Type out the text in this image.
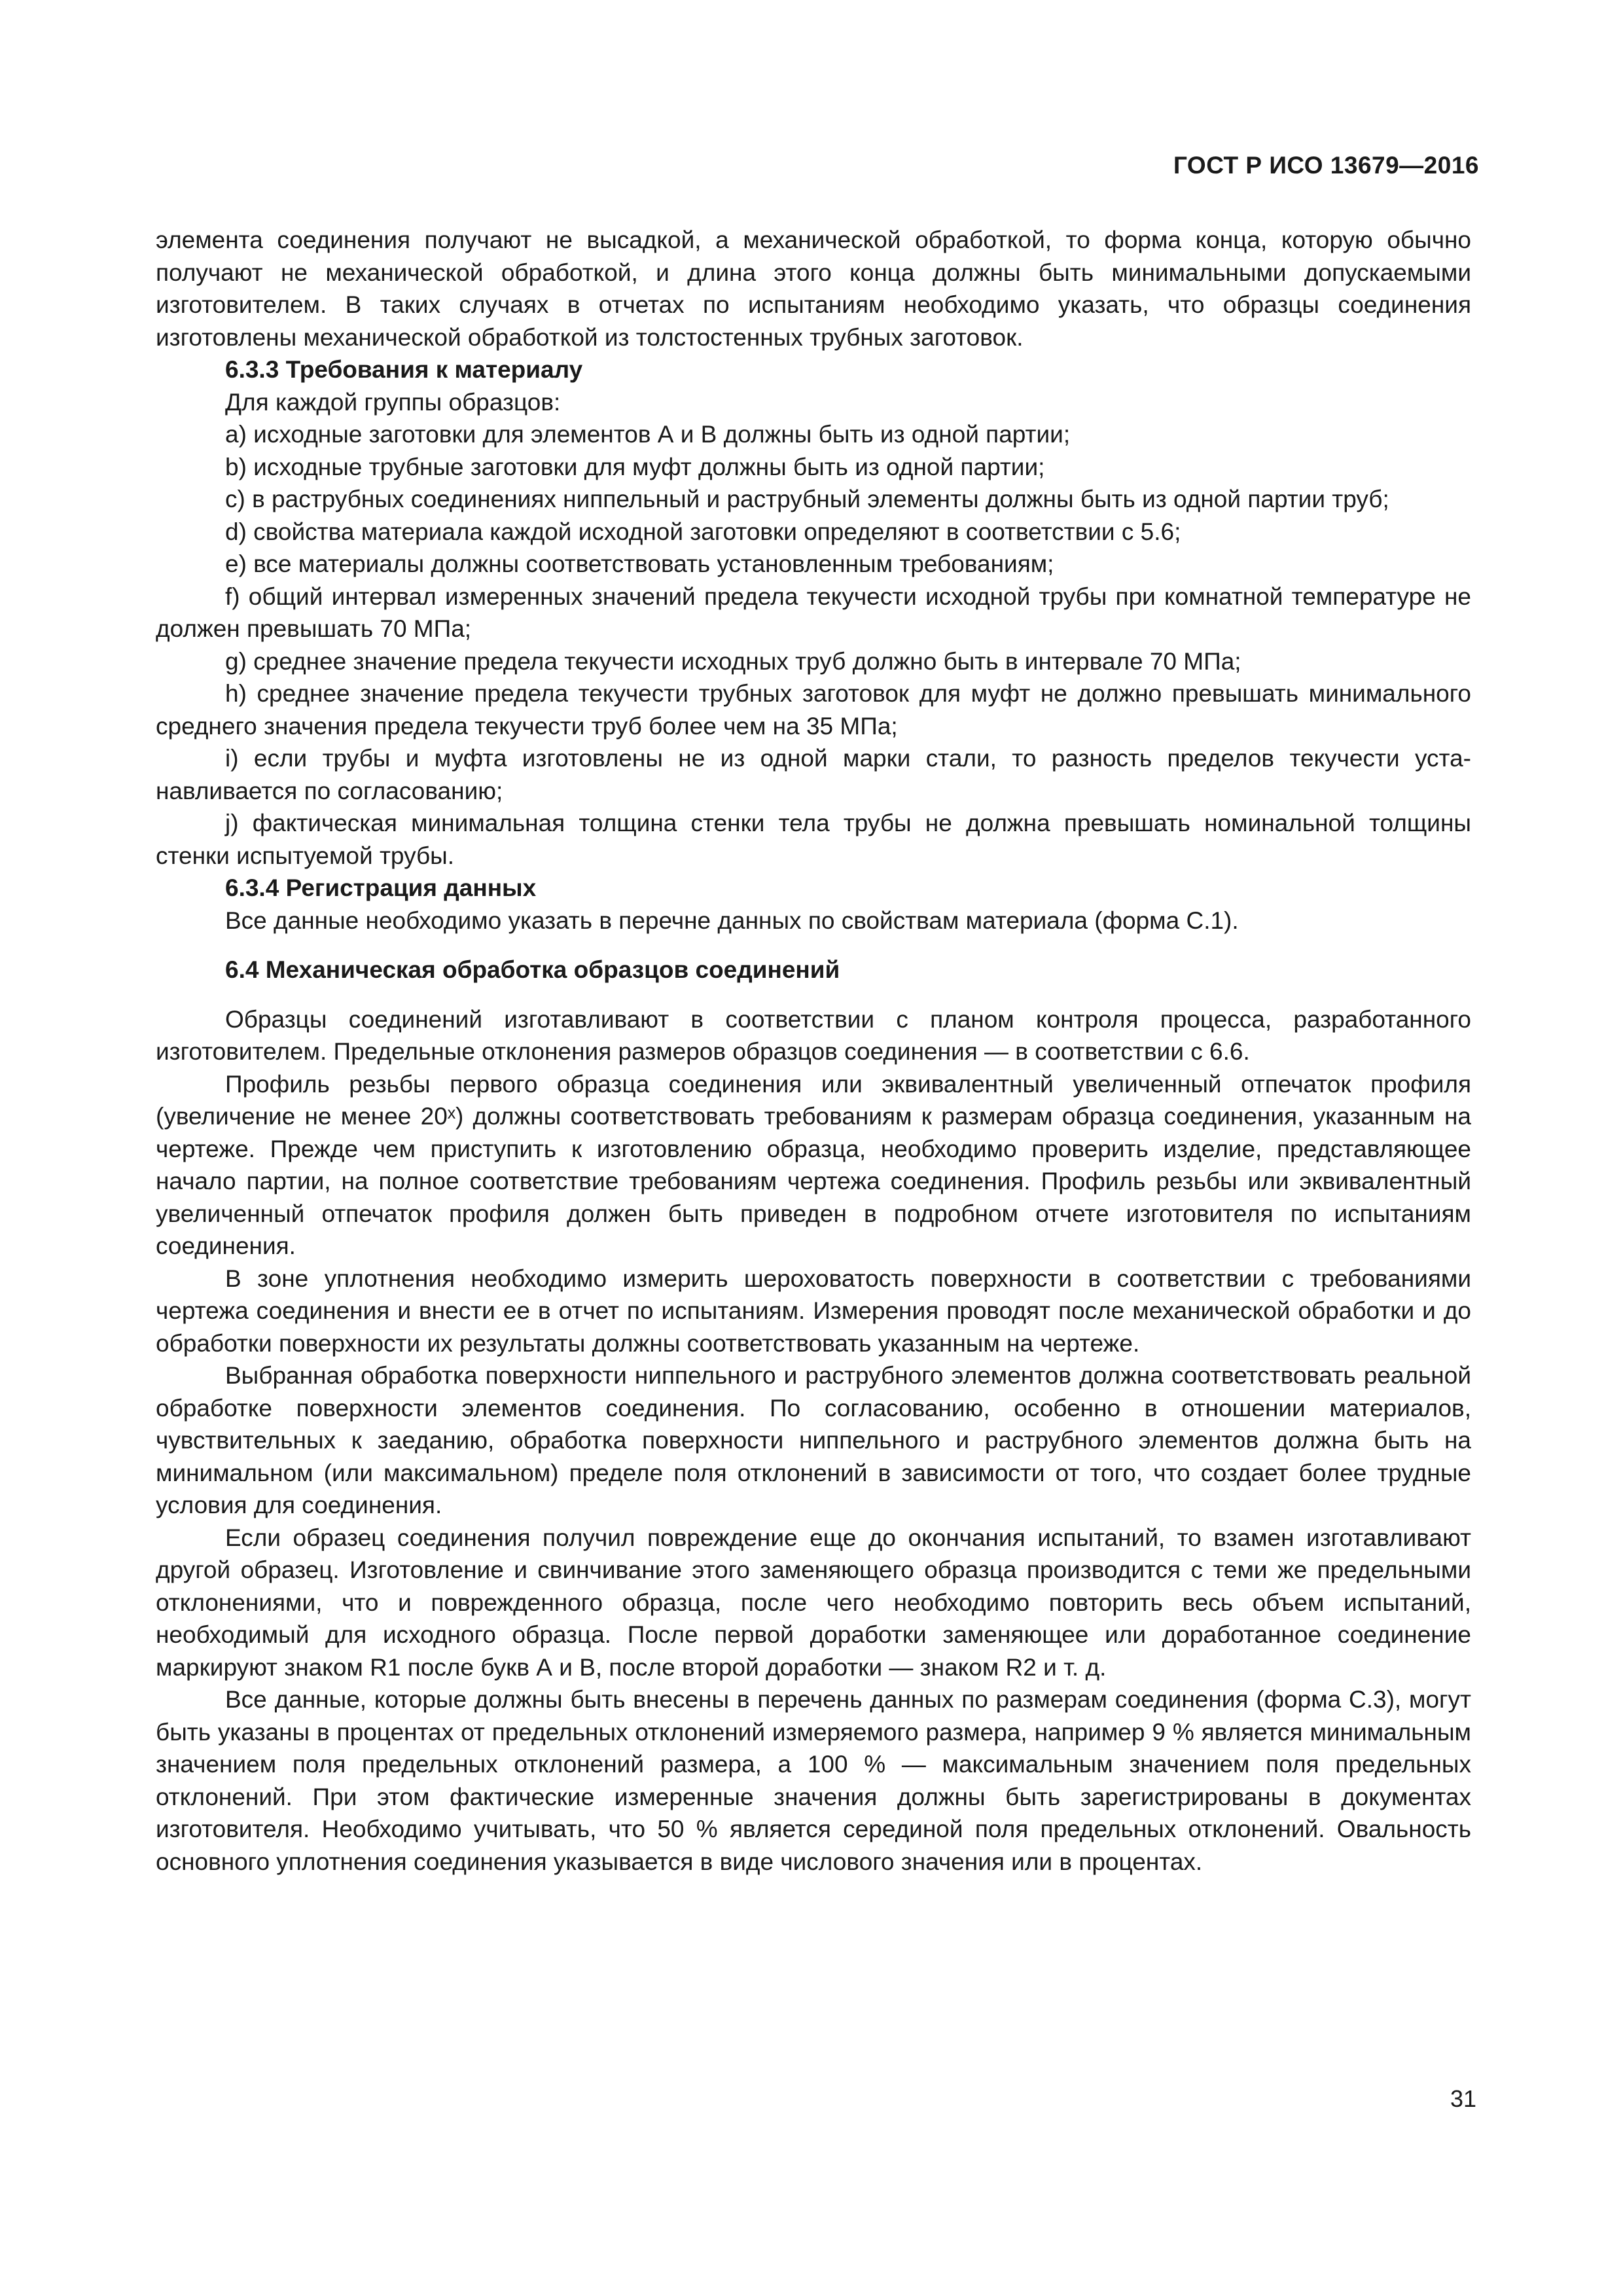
ГОСТ Р ИСО 13679—2016

элемента соединения получают не высадкой, а механической обработкой, то форма конца, которую обычно получают не механической обработкой, и длина этого конца должны быть минимальными допускаемыми изготовителем. В таких случаях в отчетах по испытаниям необходимо указать, что образцы соединения изготовлены механической обработкой из толстостенных трубных заготовок.

6.3.3 Требования к материалу

Для каждой группы образцов:

a) исходные заготовки для элементов А и В должны быть из одной партии;

b) исходные трубные заготовки для муфт должны быть из одной партии;

c) в раструбных соединениях ниппельный и раструбный элементы должны быть из одной партии труб;

d) свойства материала каждой исходной заготовки определяют в соответствии с 5.6;

e) все материалы должны соответствовать установленным требованиям;

f) общий интервал измеренных значений предела текучести исходной трубы при комнатной температуре не должен превышать 70 МПа;

g) среднее значение предела текучести исходных труб должно быть в интервале 70 МПа;

h) среднее значение предела текучести трубных заготовок для муфт не должно превышать минимального среднего значения предела текучести труб более чем на 35 МПа;

i) если трубы и муфта изготовлены не из одной марки стали, то разность пределов текучести устанавливается по согласованию;

j) фактическая минимальная толщина стенки тела трубы не должна превышать номинальной толщины стенки испытуемой трубы.

6.3.4 Регистрация данных

Все данные необходимо указать в перечне данных по свойствам материала (форма С.1).

6.4 Механическая обработка образцов соединений

Образцы соединений изготавливают в соответствии с планом контроля процесса, разработанного изготовителем. Предельные отклонения размеров образцов соединения — в соответствии с 6.6.

Профиль резьбы первого образца соединения или эквивалентный увеличенный отпечаток профиля (увеличение не менее 20ˣ) должны соответствовать требованиям к размерам образца соединения, указанным на чертеже. Прежде чем приступить к изготовлению образца, необходимо проверить изделие, представляющее начало партии, на полное соответствие требованиям чертежа соединения. Профиль резьбы или эквивалентный увеличенный отпечаток профиля должен быть приведен в подробном отчете изготовителя по испытаниям соединения.

В зоне уплотнения необходимо измерить шероховатость поверхности в соответствии с требованиями чертежа соединения и внести ее в отчет по испытаниям. Измерения проводят после механической обработки и до обработки поверхности их результаты должны соответствовать указанным на чертеже.

Выбранная обработка поверхности ниппельного и раструбного элементов должна соответствовать реальной обработке поверхности элементов соединения. По согласованию, особенно в отношении материалов, чувствительных к заеданию, обработка поверхности ниппельного и раструбного элементов должна быть на минимальном (или максимальном) пределе поля отклонений в зависимости от того, что создает более трудные условия для соединения.

Если образец соединения получил повреждение еще до окончания испытаний, то взамен изготавливают другой образец. Изготовление и свинчивание этого заменяющего образца производится с теми же предельными отклонениями, что и поврежденного образца, после чего необходимо повторить весь объем испытаний, необходимый для исходного образца. После первой доработки заменяющее или доработанное соединение маркируют знаком R1 после букв А и В, после второй доработки — знаком R2 и т. д.

Все данные, которые должны быть внесены в перечень данных по размерам соединения (форма С.3), могут быть указаны в процентах от предельных отклонений измеряемого размера, например 9 % является минимальным значением поля предельных отклонений размера, а 100 % — максимальным значением поля предельных отклонений. При этом фактические измеренные значения должны быть зарегистрированы в документах изготовителя. Необходимо учитывать, что 50 % является серединой поля предельных отклонений. Овальность основного уплотнения соединения указывается в виде числового значения или в процентах.

31
